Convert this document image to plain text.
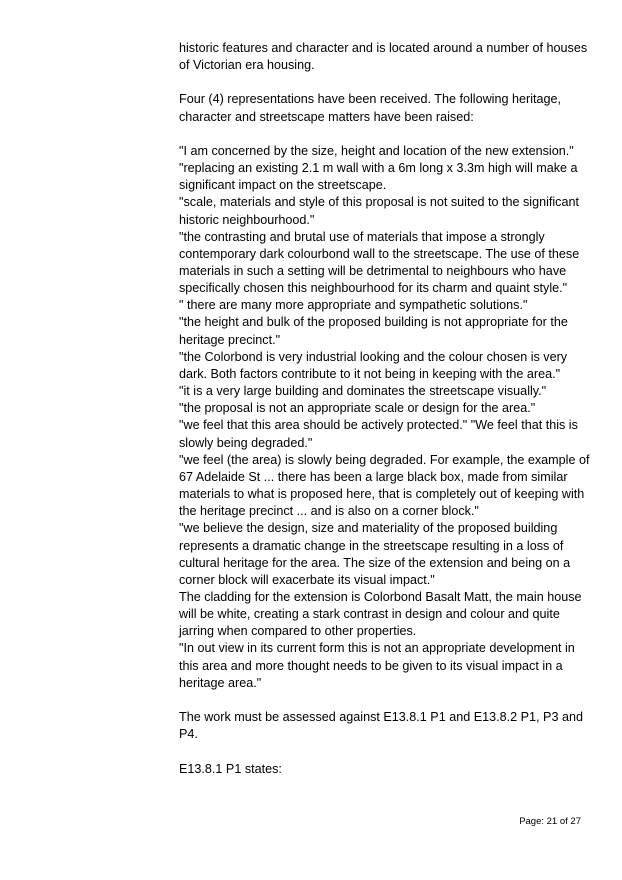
historic features and character and is located around a number of houses of Victorian era housing.

Four (4) representations have been received. The following heritage, character and streetscape matters have been raised:

"I am concerned by the size, height and location of the new extension."

"replacing an existing 2.1 m wall with a 6m long x 3.3m high will make a significant impact on the streetscape.

"scale, materials and style of this proposal is not suited to the significant historic neighbourhood."

"the contrasting and brutal use of materials that impose a strongly contemporary dark colourbond wall to the streetscape. The use of these materials in such a setting will be detrimental to neighbours who have specifically chosen this neighbourhood for its charm and quaint style."

" there are many more appropriate and sympathetic solutions."

"the height and bulk of the proposed building is not appropriate for the heritage precinct."

"the Colorbond is very industrial looking and the colour chosen is very dark. Both factors contribute to it not being in keeping with the area."

"it is a very large building and dominates the streetscape visually."

"the proposal is not an appropriate scale or design for the area."

"we feel that this area should be actively protected." "We feel that this is slowly being degraded."

"we feel (the area) is slowly being degraded. For example, the example of 67 Adelaide St ... there has been a large black box, made from similar materials to what is proposed here, that is completely out of keeping with the heritage precinct ... and is also on a corner block."

"we believe the design, size and materiality of the proposed building represents a dramatic change in the streetscape resulting in a loss of cultural heritage for the area. The size of the extension and being on a corner block will exacerbate its visual impact."

The cladding for the extension is Colorbond Basalt Matt, the main house will be white, creating a stark contrast in design and colour and quite jarring when compared to other properties.

"In out view in its current form this is not an appropriate development in this area and more thought needs to be given to its visual impact in a heritage area."

The work must be assessed against E13.8.1 P1 and E13.8.2 P1, P3 and P4.

E13.8.1 P1 states:

Page: 21 of 27
